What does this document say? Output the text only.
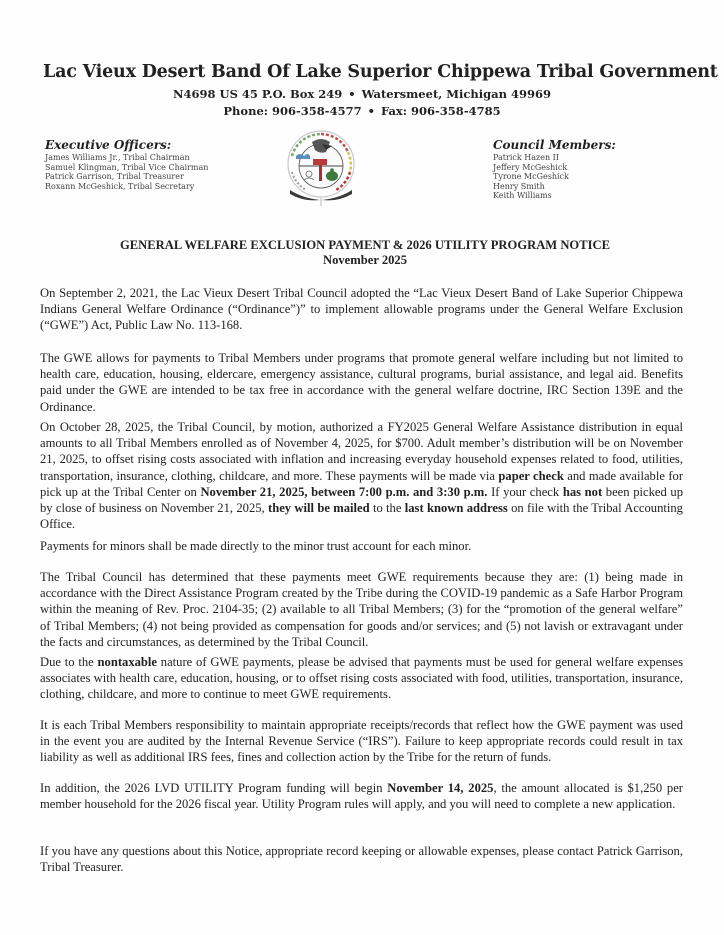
Lac Vieux Desert Band Of Lake Superior Chippewa Tribal Government
N4698 US 45 P.O. Box 249 • Watersmeet, Michigan 49969
Phone: 906-358-4577 • Fax: 906-358-4785
Executive Officers:
James Williams Jr., Tribal Chairman
Samuel Klingman, Tribal Vice Chairman
Patrick Garrison, Tribal Treasurer
Roxann McGeshick, Tribal Secretary
Council Members:
Patrick Hazen II
Jeffery McGeshick
Tyrone McGeshick
Henry Smith
Keith Williams
GENERAL WELFARE EXCLUSION PAYMENT & 2026 UTILITY PROGRAM NOTICE
November 2025

On September 2, 2021, the Lac Vieux Desert Tribal Council adopted the “Lac Vieux Desert Band of Lake Superior Chippewa Indians General Welfare Ordinance (“Ordinance”)” to implement allowable programs under the General Welfare Exclusion (“GWE”) Act, Public Law No. 113-168.

The GWE allows for payments to Tribal Members under programs that promote general welfare including but not limited to health care, education, housing, eldercare, emergency assistance, cultural programs, burial assistance, and legal aid. Benefits paid under the GWE are intended to be tax free in accordance with the general welfare doctrine, IRC Section 139E and the Ordinance.

On October 28, 2025, the Tribal Council, by motion, authorized a FY2025 General Welfare Assistance distribution in equal amounts to all Tribal Members enrolled as of November 4, 2025, for $700. Adult member’s distribution will be on November 21, 2025, to offset rising costs associated with inflation and increasing everyday household expenses related to food, utilities, transportation, insurance, clothing, childcare, and more. These payments will be made via paper check and made available for pick up at the Tribal Center on November 21, 2025, between 7:00 p.m. and 3:30 p.m. If your check has not been picked up by close of business on November 21, 2025, they will be mailed to the last known address on file with the Tribal Accounting Office.

Payments for minors shall be made directly to the minor trust account for each minor.

The Tribal Council has determined that these payments meet GWE requirements because they are: (1) being made in accordance with the Direct Assistance Program created by the Tribe during the COVID-19 pandemic as a Safe Harbor Program within the meaning of Rev. Proc. 2104-35; (2) available to all Tribal Members; (3) for the “promotion of the general welfare” of Tribal Members; (4) not being provided as compensation for goods and/or services; and (5) not lavish or extravagant under the facts and circumstances, as determined by the Tribal Council.

Due to the nontaxable nature of GWE payments, please be advised that payments must be used for general welfare expenses associates with health care, education, housing, or to offset rising costs associated with food, utilities, transportation, insurance, clothing, childcare, and more to continue to meet GWE requirements.

It is each Tribal Members responsibility to maintain appropriate receipts/records that reflect how the GWE payment was used in the event you are audited by the Internal Revenue Service (“IRS”). Failure to keep appropriate records could result in tax liability as well as additional IRS fees, fines and collection action by the Tribe for the return of funds.

In addition, the 2026 LVD UTILITY Program funding will begin November 14, 2025, the amount allocated is $1,250 per member household for the 2026 fiscal year. Utility Program rules will apply, and you will need to complete a new application.

If you have any questions about this Notice, appropriate record keeping or allowable expenses, please contact Patrick Garrison, Tribal Treasurer.
